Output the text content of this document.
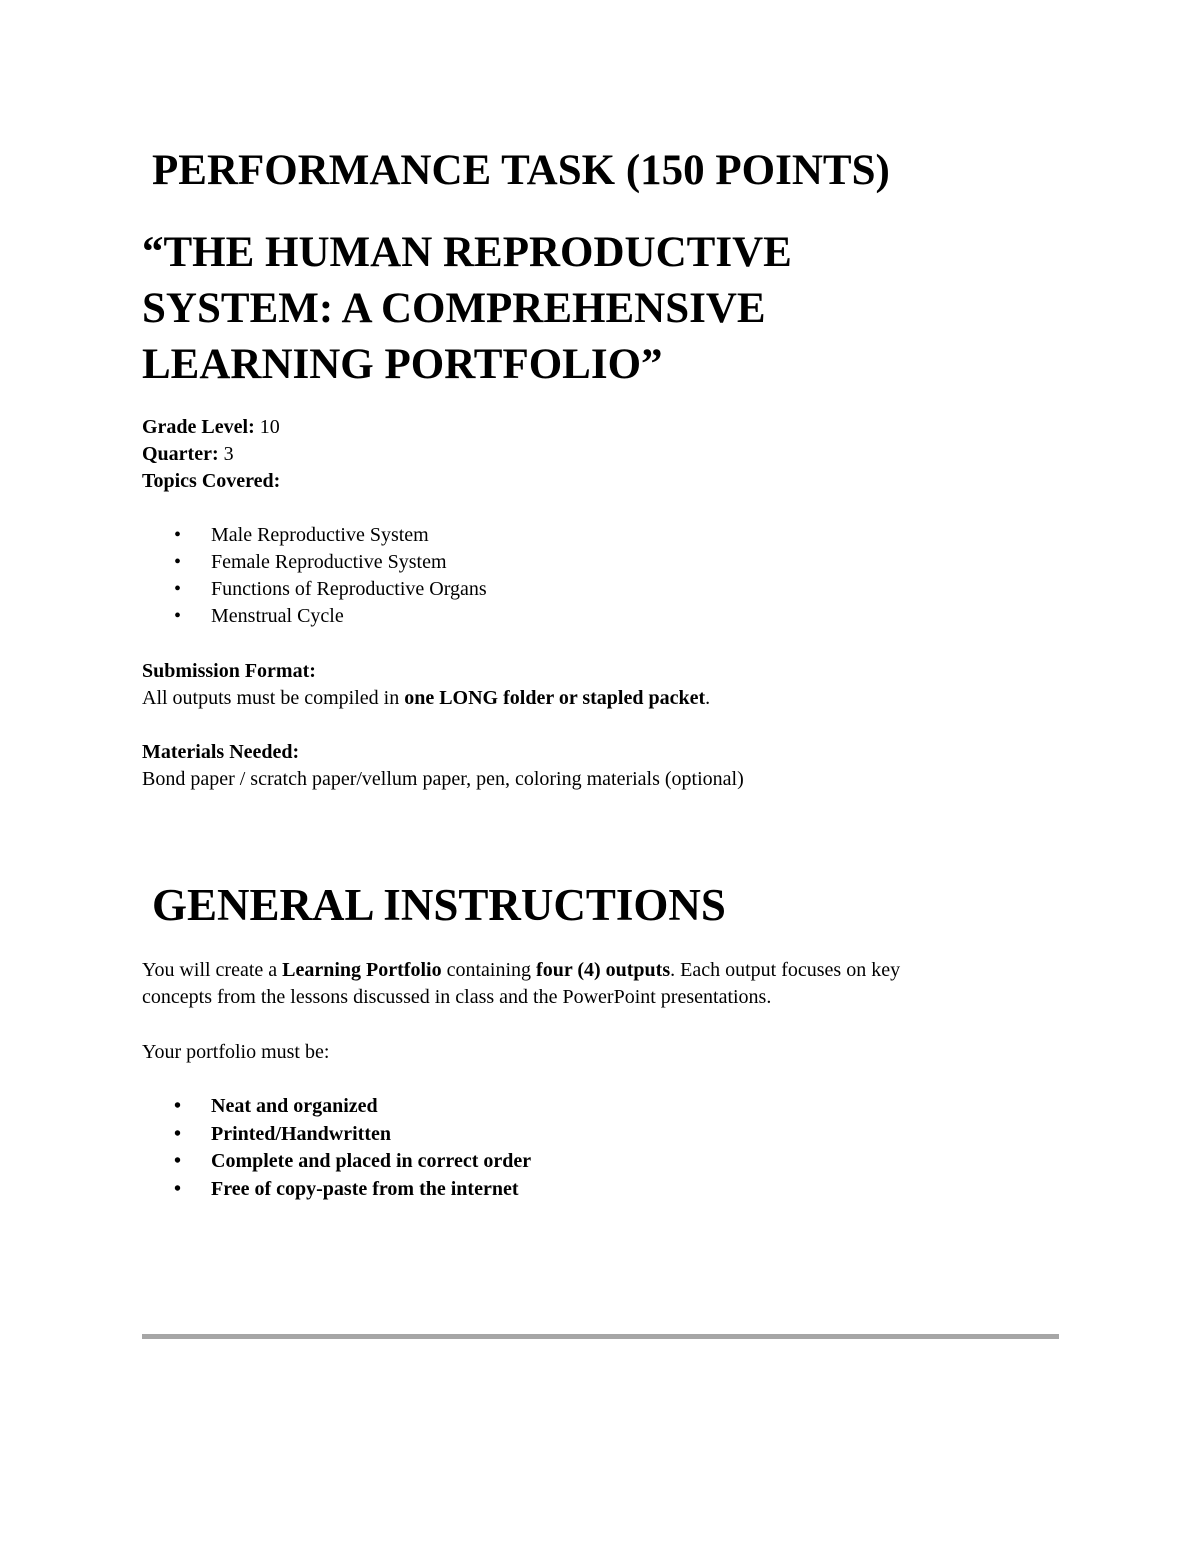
PERFORMANCE TASK (150 POINTS)
“THE HUMAN REPRODUCTIVE
SYSTEM: A COMPREHENSIVE
LEARNING PORTFOLIO”
Grade Level: 10
Quarter: 3
Topics Covered:
• Male Reproductive System
• Female Reproductive System
• Functions of Reproductive Organs
• Menstrual Cycle
Submission Format:
All outputs must be compiled in one LONG folder or stapled packet.
Materials Needed:
Bond paper / scratch paper/vellum paper, pen, coloring materials (optional)
GENERAL INSTRUCTIONS
You will create a Learning Portfolio containing four (4) outputs. Each output focuses on key
concepts from the lessons discussed in class and the PowerPoint presentations.
Your portfolio must be:
• Neat and organized
• Printed/Handwritten
• Complete and placed in correct order
• Free of copy-paste from the internet
